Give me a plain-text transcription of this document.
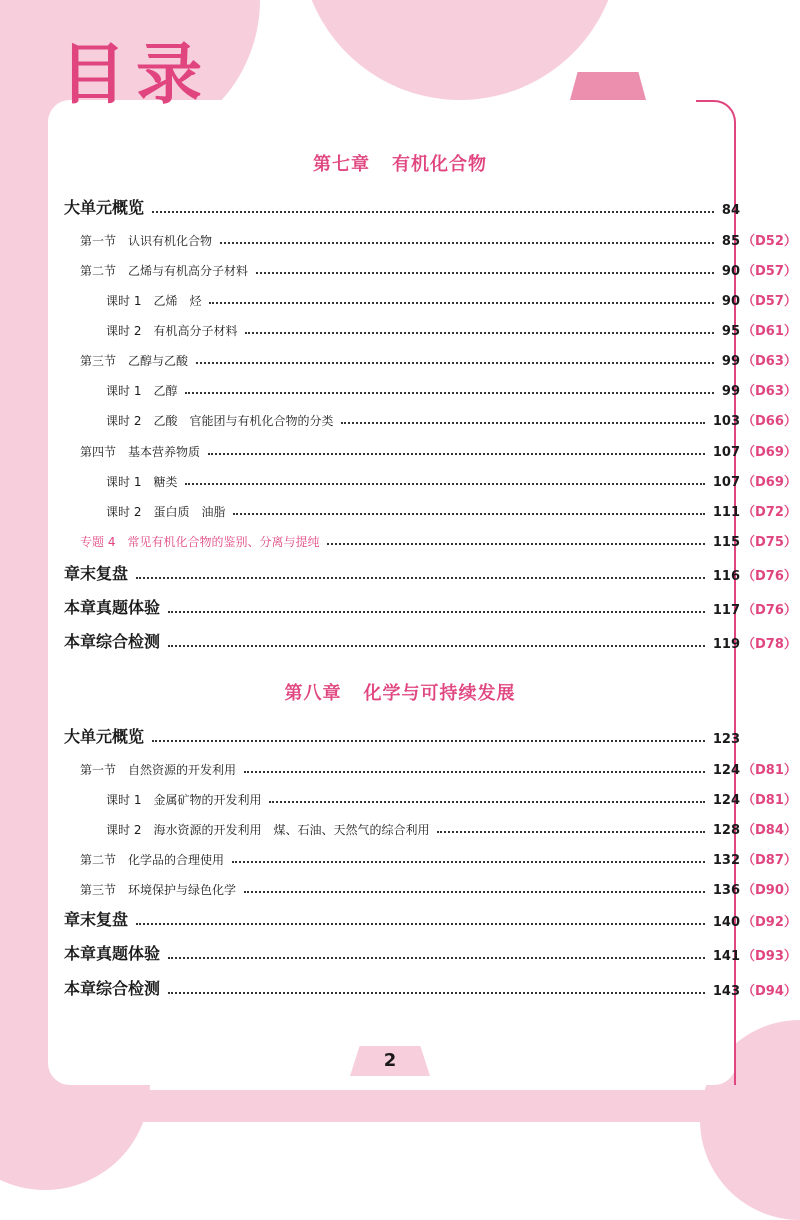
目录
第七章 有机化合物
大单元概览	84

第一节　 认识有机化合物	85 （D52）
第二节　 乙烯与有机高分子材料	90 （D57）
课时 1　 乙烯　烃	90 （D57）
课时 2　 有机高分子材料	95 （D61）
第三节　 乙醇与乙酸	99 （D63）
课时 1　 乙醇	99 （D63）
课时 2　 乙酸　官能团与有机化合物的分类	103 （D66）
第四节　 基本营养物质	107 （D69）
课时 1　 糖类	107 （D69）
课时 2　 蛋白质　油脂	111 （D72）
专题 4　 常见有机化合物的鉴别、分离与提纯	115 （D75）
章末复盘	116 （D76）
本章真题体验	117 （D76）
本章综合检测	119 （D78）
第八章 化学与可持续发展
大单元概览	123

第一节　 自然资源的开发利用	124 （D81）
课时 1　 金属矿物的开发利用	124 （D81）
课时 2　 海水资源的开发利用　煤、石油、天然气的综合利用	128 （D84）
第二节　 化学品的合理使用	132 （D87）
第三节　 环境保护与绿色化学	136 （D90）
章末复盘	140 （D92）
本章真题体验	141 （D93）
本章综合检测	143 （D94）
2
